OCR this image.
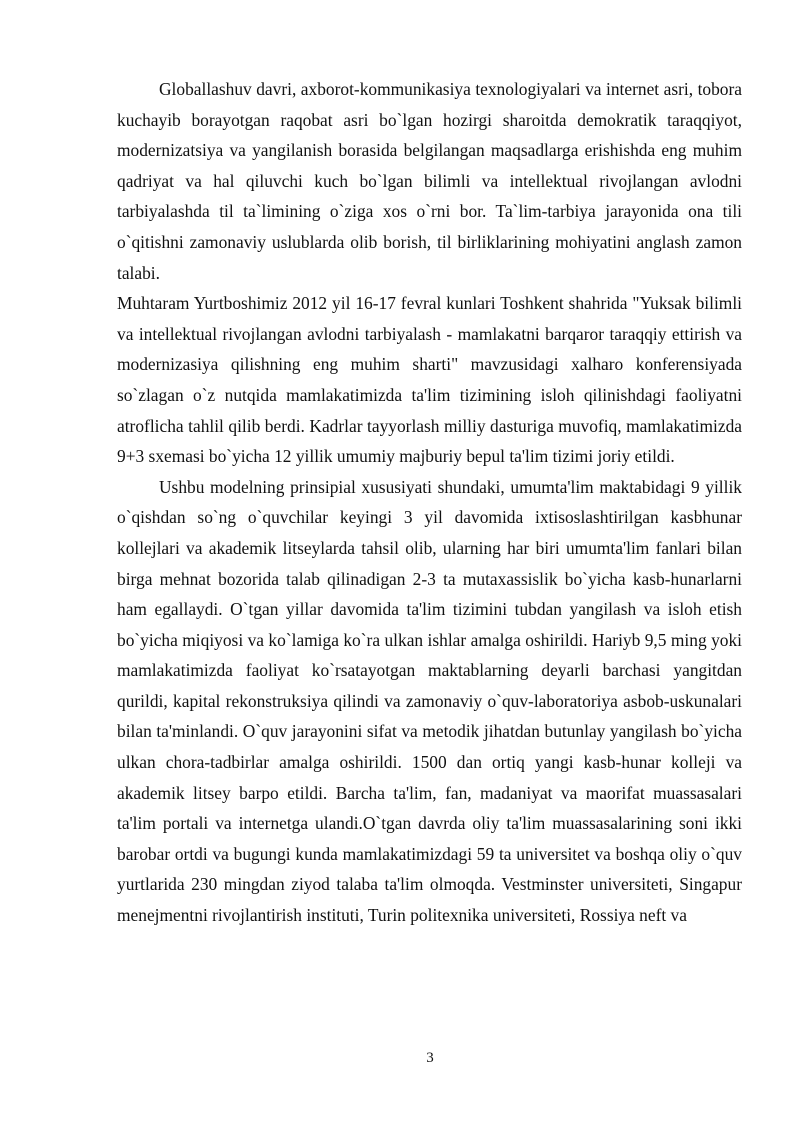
Globallashuv davri, axborot-kommunikasiya texnologiyalari va internet asri, tobora kuchayib borayotgan raqobat asri bo`lgan hozirgi sharoitda demokratik taraqqiyot, modernizatsiya va yangilanish borasida belgilangan maqsadlarga erishishda eng muhim qadriyat va hal qiluvchi kuch bo`lgan bilimli va intellektual rivojlangan avlodni tarbiyalashda til ta`limining o`ziga xos o`rni bor. Ta`lim-tarbiya jarayonida ona tili o`qitishni zamonaviy uslublarda olib borish, til birliklarining mohiyatini anglash zamon talabi.

Muhtaram Yurtboshimiz 2012 yil 16-17 fevral kunlari Toshkent shahrida "Yuksak bilimli va intellektual rivojlangan avlodni tarbiyalash - mamlakatni barqaror taraqqiy ettirish va modernizasiya qilishning eng muhim sharti" mavzusidagi xalharo konferensiyada so`zlagan o`z nutqida mamlakatimizda ta'lim tizimining isloh qilinishdagi faoliyatni atroflicha tahlil qilib berdi. Kadrlar tayyorlash milliy dasturiga muvofiq, mamlakatimizda 9+3 sxemasi bo`yicha 12 yillik umumiy majburiy bepul ta'lim tizimi joriy etildi.

Ushbu modelning prinsipial xususiyati shundaki, umumta'lim maktabidagi 9 yillik o`qishdan so`ng o`quvchilar keyingi 3 yil davomida ixtisoslashtirilgan kasbhunar kollejlari va akademik litseylarda tahsil olib, ularning har biri umumta'lim fanlari bilan birga mehnat bozorida talab qilinadigan 2-3 ta mutaxassislik bo`yicha kasb-hunarlarni ham egallaydi. O`tgan yillar davomida ta'lim tizimini tubdan yangilash va isloh etish bo`yicha miqiyosi va ko`lamiga ko`ra ulkan ishlar amalga oshirildi. Hariyb 9,5 ming yoki mamlakatimizda faoliyat ko`rsatayotgan maktablarning deyarli barchasi yangitdan qurildi, kapital rekonstruksiya qilindi va zamonaviy o`quv-laboratoriya asbob-uskunalari bilan ta'minlandi. O`quv jarayonini sifat va metodik jihatdan butunlay yangilash bo`yicha ulkan chora-tadbirlar amalga oshirildi. 1500 dan ortiq yangi kasb-hunar kolleji va akademik litsey barpo etildi. Barcha ta'lim, fan, madaniyat va maorifat muassasalari ta'lim portali va internetga ulandi.O`tgan davrda oliy ta'lim muassasalarining soni ikki barobar ortdi va bugungi kunda mamlakatimizdagi 59 ta universitet va boshqa oliy o`quv yurtlarida 230 mingdan ziyod talaba ta'lim olmoqda. Vestminster universiteti, Singapur menejmentni rivojlantirish instituti, Turin politexnika universiteti, Rossiya neft va

3
